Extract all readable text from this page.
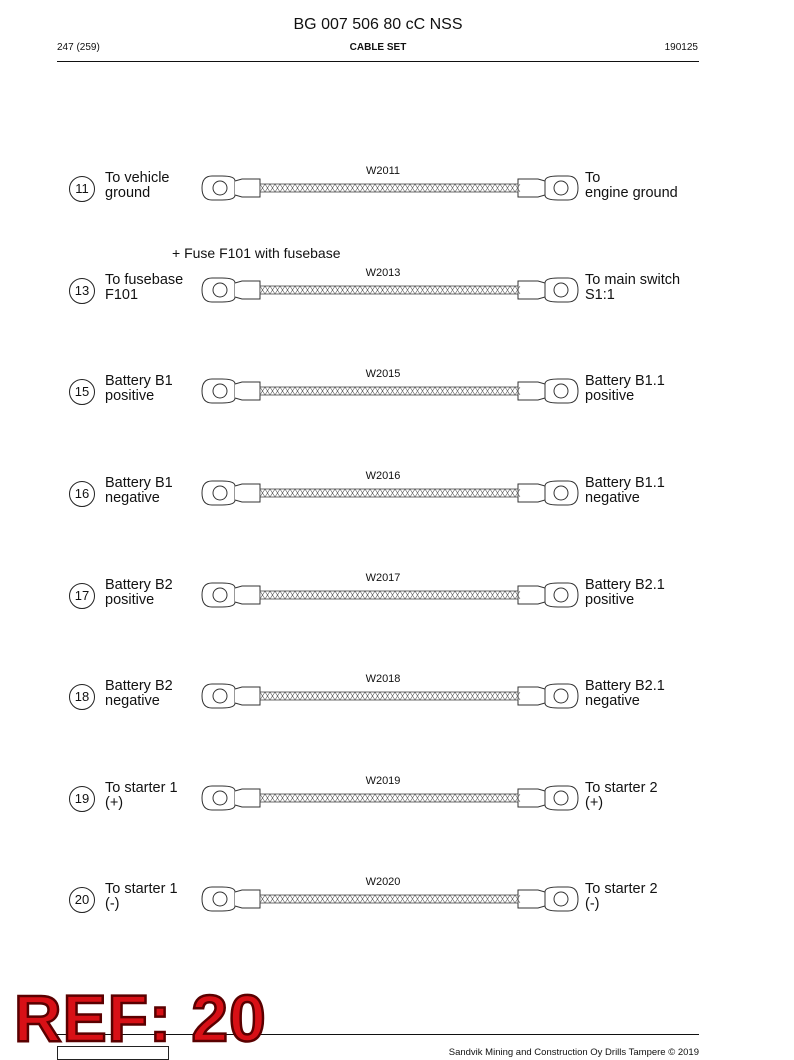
BG 007 506 80 cC NSS
247 (259)	CABLE SET	190125
11
To vehicle
ground
To
engine ground
W2011
13
To fusebase
F101
To main switch
S1:1
W2013
+ Fuse F101 with fusebase
15
Battery B1
positive
Battery B1.1
positive
W2015
16
Battery B1
negative
Battery B1.1
negative
W2016
17
Battery B2
positive
Battery B2.1
positive
W2017
18
Battery B2
negative
Battery B2.1
negative
W2018
19
To starter 1
(+)
To starter 2
(+)
W2019
20
To starter 1
(-)
To starter 2
(-)
W2020
Sandvik Mining and Construction Oy Drills Tampere © 2019
REF: 20
